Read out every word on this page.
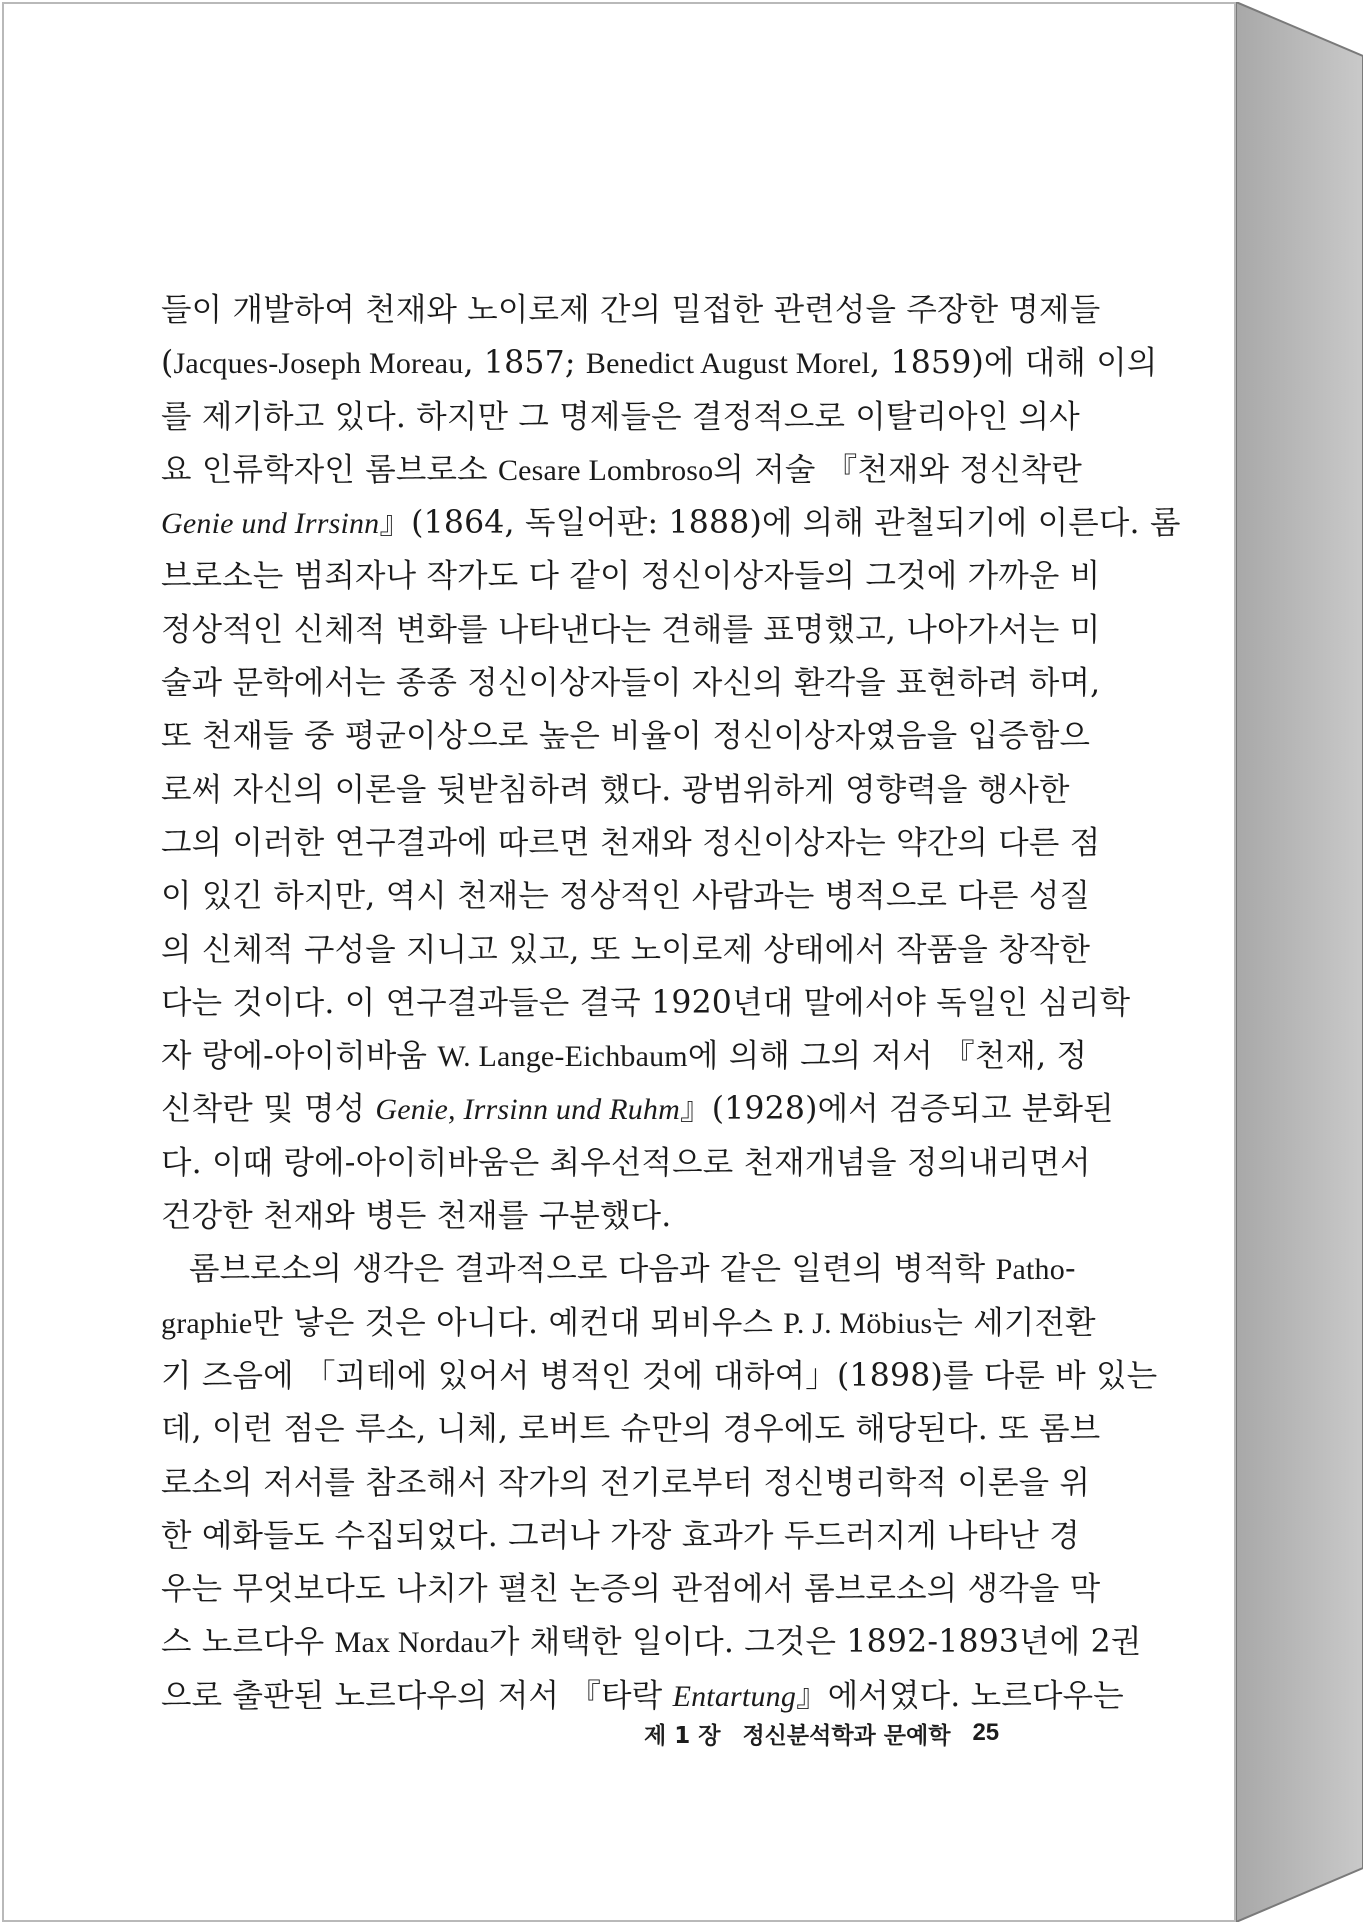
들이 개발하여 천재와 노이로제 간의 밀접한 관련성을 주장한 명제들
(Jacques-Joseph Moreau, 1857; Benedict August Morel, 1859)에 대해 이의
를 제기하고 있다. 하지만 그 명제들은 결정적으로 이탈리아인 의사
요 인류학자인 롬브로소 Cesare Lombroso의 저술 『천재와 정신착란
Genie und Irrsinn』(1864, 독일어판: 1888)에 의해 관철되기에 이른다. 롬
브로소는 범죄자나 작가도 다 같이 정신이상자들의 그것에 가까운 비
정상적인 신체적 변화를 나타낸다는 견해를 표명했고, 나아가서는 미
술과 문학에서는 종종 정신이상자들이 자신의 환각을 표현하려 하며,
또 천재들 중 평균이상으로 높은 비율이 정신이상자였음을 입증함으
로써 자신의 이론을 뒷받침하려 했다. 광범위하게 영향력을 행사한
그의 이러한 연구결과에 따르면 천재와 정신이상자는 약간의 다른 점
이 있긴 하지만, 역시 천재는 정상적인 사람과는 병적으로 다른 성질
의 신체적 구성을 지니고 있고, 또 노이로제 상태에서 작품을 창작한
다는 것이다. 이 연구결과들은 결국 1920년대 말에서야 독일인 심리학
자 랑에-아이히바움 W. Lange-Eichbaum에 의해 그의 저서 『천재, 정
신착란 및 명성 Genie, Irrsinn und Ruhm』(1928)에서 검증되고 분화된
다. 이때 랑에-아이히바움은 최우선적으로 천재개념을 정의내리면서
건강한 천재와 병든 천재를 구분했다.
롬브로소의 생각은 결과적으로 다음과 같은 일련의 병적학 Patho-
graphie만 낳은 것은 아니다. 예컨대 뫼비우스 P. J. Möbius는 세기전환
기 즈음에 「괴테에 있어서 병적인 것에 대하여」(1898)를 다룬 바 있는
데, 이런 점은 루소, 니체, 로버트 슈만의 경우에도 해당된다. 또 롬브
로소의 저서를 참조해서 작가의 전기로부터 정신병리학적 이론을 위
한 예화들도 수집되었다. 그러나 가장 효과가 두드러지게 나타난 경
우는 무엇보다도 나치가 펼친 논증의 관점에서 롬브로소의 생각을 막
스 노르다우 Max Nordau가 채택한 일이다. 그것은 1892-1893년에 2권
으로 출판된 노르다우의 저서 『타락 Entartung』에서였다. 노르다우는
제 1 장 정신분석학과 문예학 25
